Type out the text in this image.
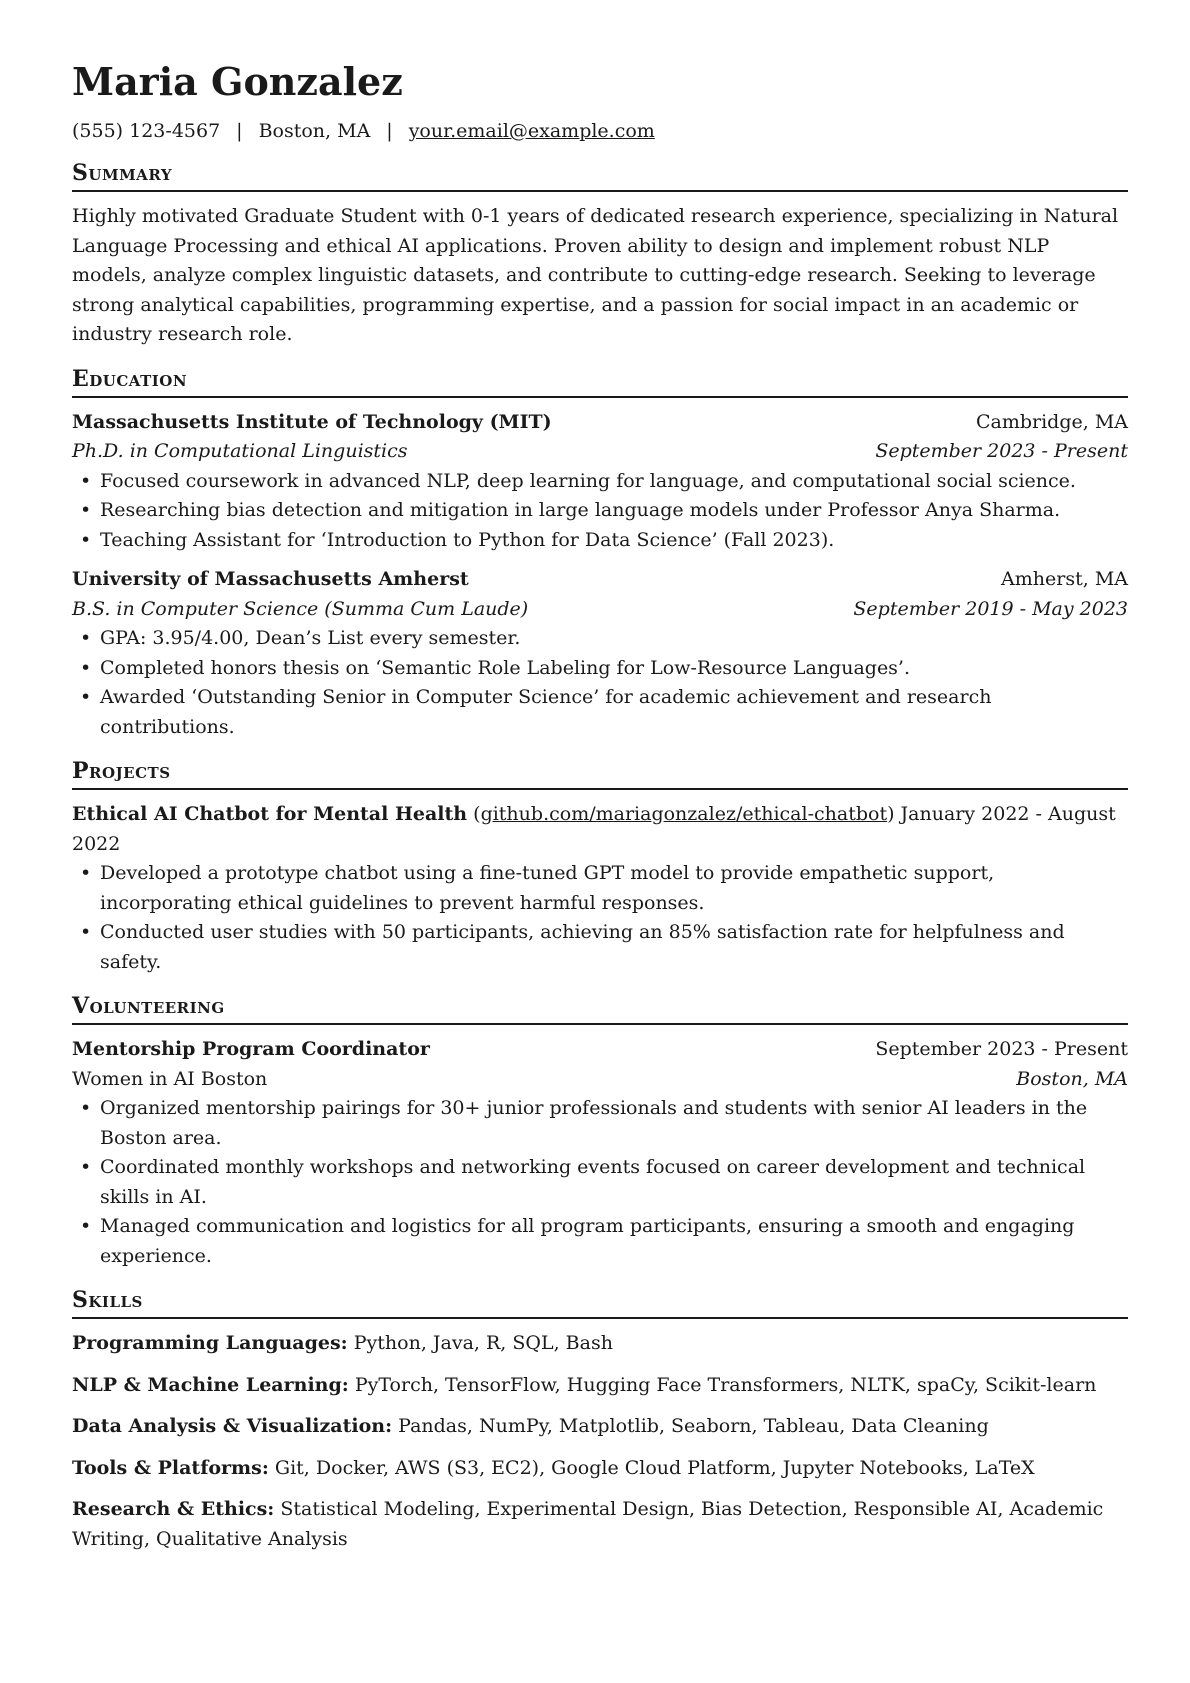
Maria Gonzalez
(555) 123-4567 | Boston, MA | your.email@example.com
Summary

Highly motivated Graduate Student with 0-1 years of dedicated research experience, specializing in Natural Language Processing and ethical AI applications. Proven ability to design and implement robust NLP models, analyze complex linguistic datasets, and contribute to cutting-edge research. Seeking to leverage strong analytical capabilities, programming expertise, and a passion for social impact in an academic or industry research role.

Education
Massachusetts Institute of Technology (MIT)	Cambridge, MA
Ph.D. in Computational Linguistics	September 2023 - Present
• Focused coursework in advanced NLP, deep learning for language, and computational social science.
• Researching bias detection and mitigation in large language models under Professor Anya Sharma.
• Teaching Assistant for ‘Introduction to Python for Data Science’ (Fall 2023).
University of Massachusetts Amherst	Amherst, MA
B.S. in Computer Science (Summa Cum Laude)	September 2019 - May 2023
• GPA: 3.95/4.00, Dean’s List every semester.
• Completed honors thesis on ‘Semantic Role Labeling for Low-Resource Languages’.
• Awarded ‘Outstanding Senior in Computer Science’ for academic achievement and research contributions.
Projects
Ethical AI Chatbot for Mental Health (github.com/mariagonzalez/ethical-chatbot) January 2022 - August 2022
• Developed a prototype chatbot using a fine-tuned GPT model to provide empathetic support, incorporating ethical guidelines to prevent harmful responses.
• Conducted user studies with 50 participants, achieving an 85% satisfaction rate for helpfulness and safety.
Volunteering
Mentorship Program Coordinator	September 2023 - Present
Women in AI Boston	Boston, MA
• Organized mentorship pairings for 30+ junior professionals and students with senior AI leaders in the Boston area.
• Coordinated monthly workshops and networking events focused on career development and technical skills in AI.
• Managed communication and logistics for all program participants, ensuring a smooth and engaging experience.
Skills

Programming Languages: Python, Java, R, SQL, Bash

NLP & Machine Learning: PyTorch, TensorFlow, Hugging Face Transformers, NLTK, spaCy, Scikit-learn

Data Analysis & Visualization: Pandas, NumPy, Matplotlib, Seaborn, Tableau, Data Cleaning

Tools & Platforms: Git, Docker, AWS (S3, EC2), Google Cloud Platform, Jupyter Notebooks, LaTeX

Research & Ethics: Statistical Modeling, Experimental Design, Bias Detection, Responsible AI, Academic Writing, Qualitative Analysis
